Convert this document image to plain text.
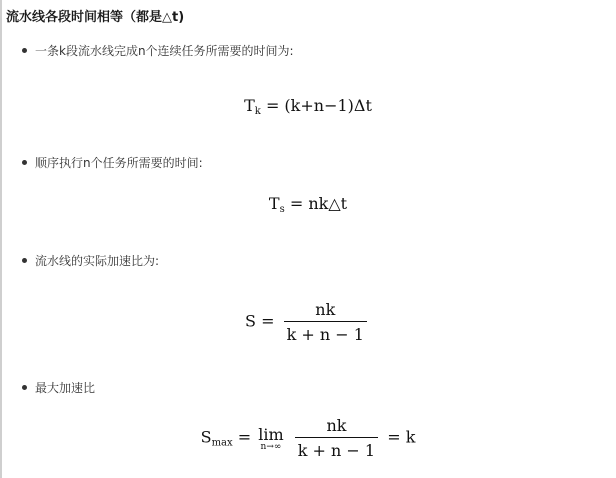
流水线各段时间相等（都是△t)
一条k段流水线完成n个连续任务所需要的时间为:
$T_k = (k+n-1)\Delta t$
顺序执行n个任务所需要的时间:
$T_s$ = nk△t
流水线的实际加速比为:
$S = \frac{nk}{k + n - 1}$
最大加速比
$S_{max} = \lim$
n→∞
$\frac{nk}{k + n - 1} = k$
